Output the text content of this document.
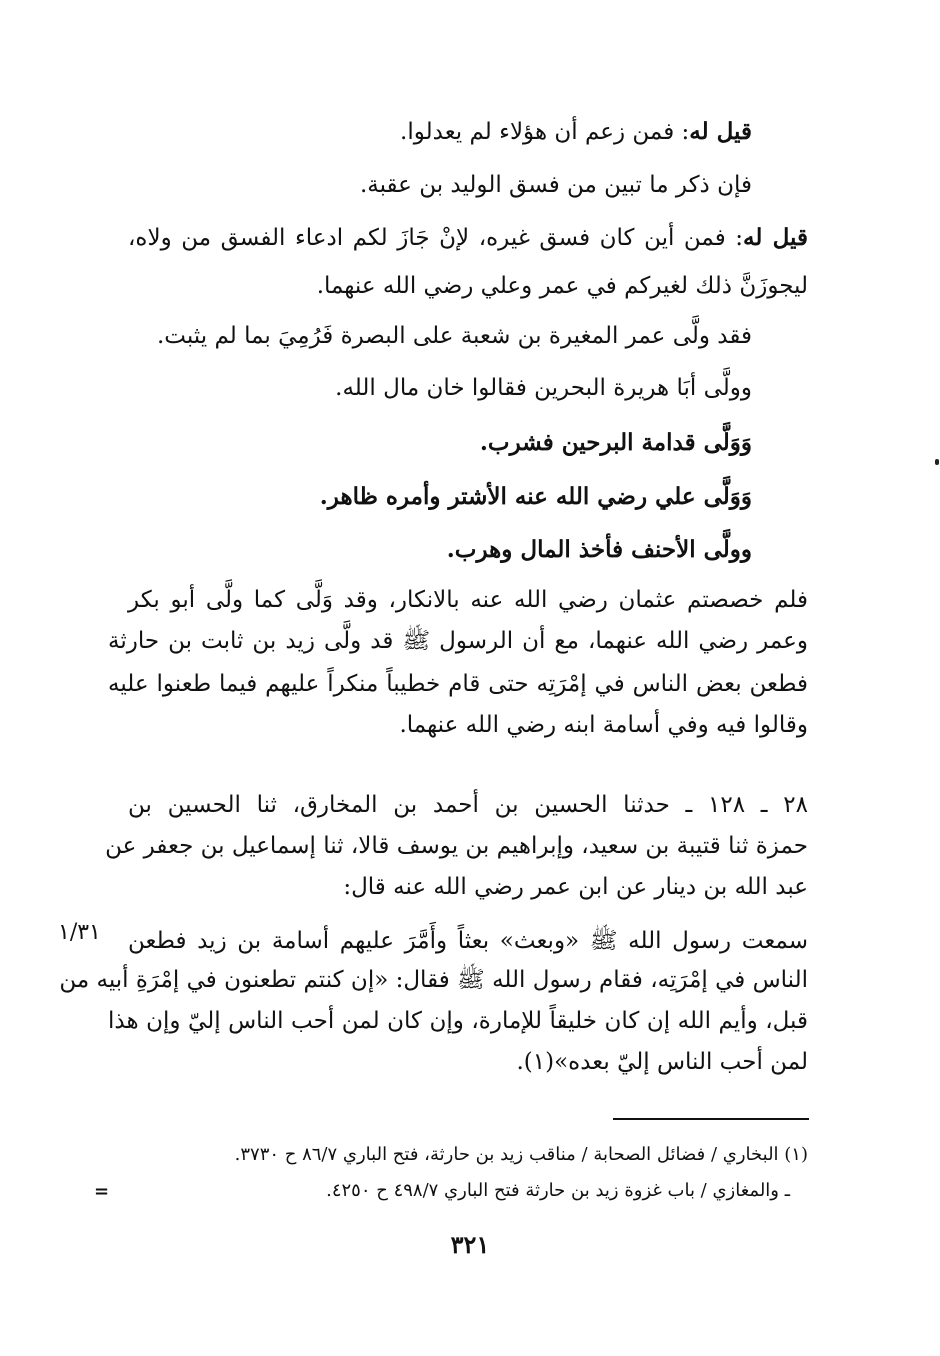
قيل له: فمن زعم أن هؤلاء لم يعدلوا.
فإن ذكر ما تبين من فسق الوليد بن عقبة.
قيل له: فمن أين كان فسق غيره، لإنْ جَازَ لكم ادعاء الفسق من ولاه،
ليجوزَنَّ ذلك لغيركم في عمر وعلي رضي الله عنهما.
فقد ولَّى عمر المغيرة بن شعبة على البصرة فَرُمِيَ بما لم يثبت.
وولَّى أبَا هريرة البحرين فقالوا خان مال الله.
وَوَلَّى قدامة البرحين فشرب.
وَوَلَّى علي رضي الله عنه الأشتر وأمره ظاهر.
وولَّى الأحنف فأخذ المال وهرب.
فلم خصصتم عثمان رضي الله عنه بالانكار، وقد وَلَّى كما ولَّى أبو بكر
وعمر رضي الله عنهما، مع أن الرسول ﷺ قد ولَّى زيد بن ثابت بن حارثة
فطعن بعض الناس في إمْرَتِه حتى قام خطيباً منكراً عليهم فيما طعنوا عليه
وقالوا فيه وفي أسامة ابنه رضي الله عنهما.
٢٨ ـ ١٢٨ ـ حدثنا الحسين بن أحمد بن المخارق، ثنا الحسين بن
حمزة ثنا قتيبة بن سعيد، وإبراهيم بن يوسف قالا، ثنا إسماعيل بن جعفر عن
عبد الله بن دينار عن ابن عمر رضي الله عنه قال:
سمعت رسول الله ﷺ «وبعث» بعثاً وأَمَّرَ عليهم أسامة بن زيد فطعن
الناس في إمْرَتِه، فقام رسول الله ﷺ فقال: «إن كنتم تطعنون في إمْرَةِ أبيه من
قبل، وأيم الله إن كان خليقاً للإمارة، وإن كان لمن أحب الناس إليّ وإن هذا
لمن أحب الناس إليّ بعده»(١).
١/٣١
(١) البخاري / فضائل الصحابة / مناقب زيد بن حارثة، فتح الباري ٨٦/٧ ح ٣٧٣٠.
ـ والمغازي / باب غزوة زيد بن حارثة فتح الباري ٤٩٨/٧ ح ٤٢٥٠.
=
٣٢١
